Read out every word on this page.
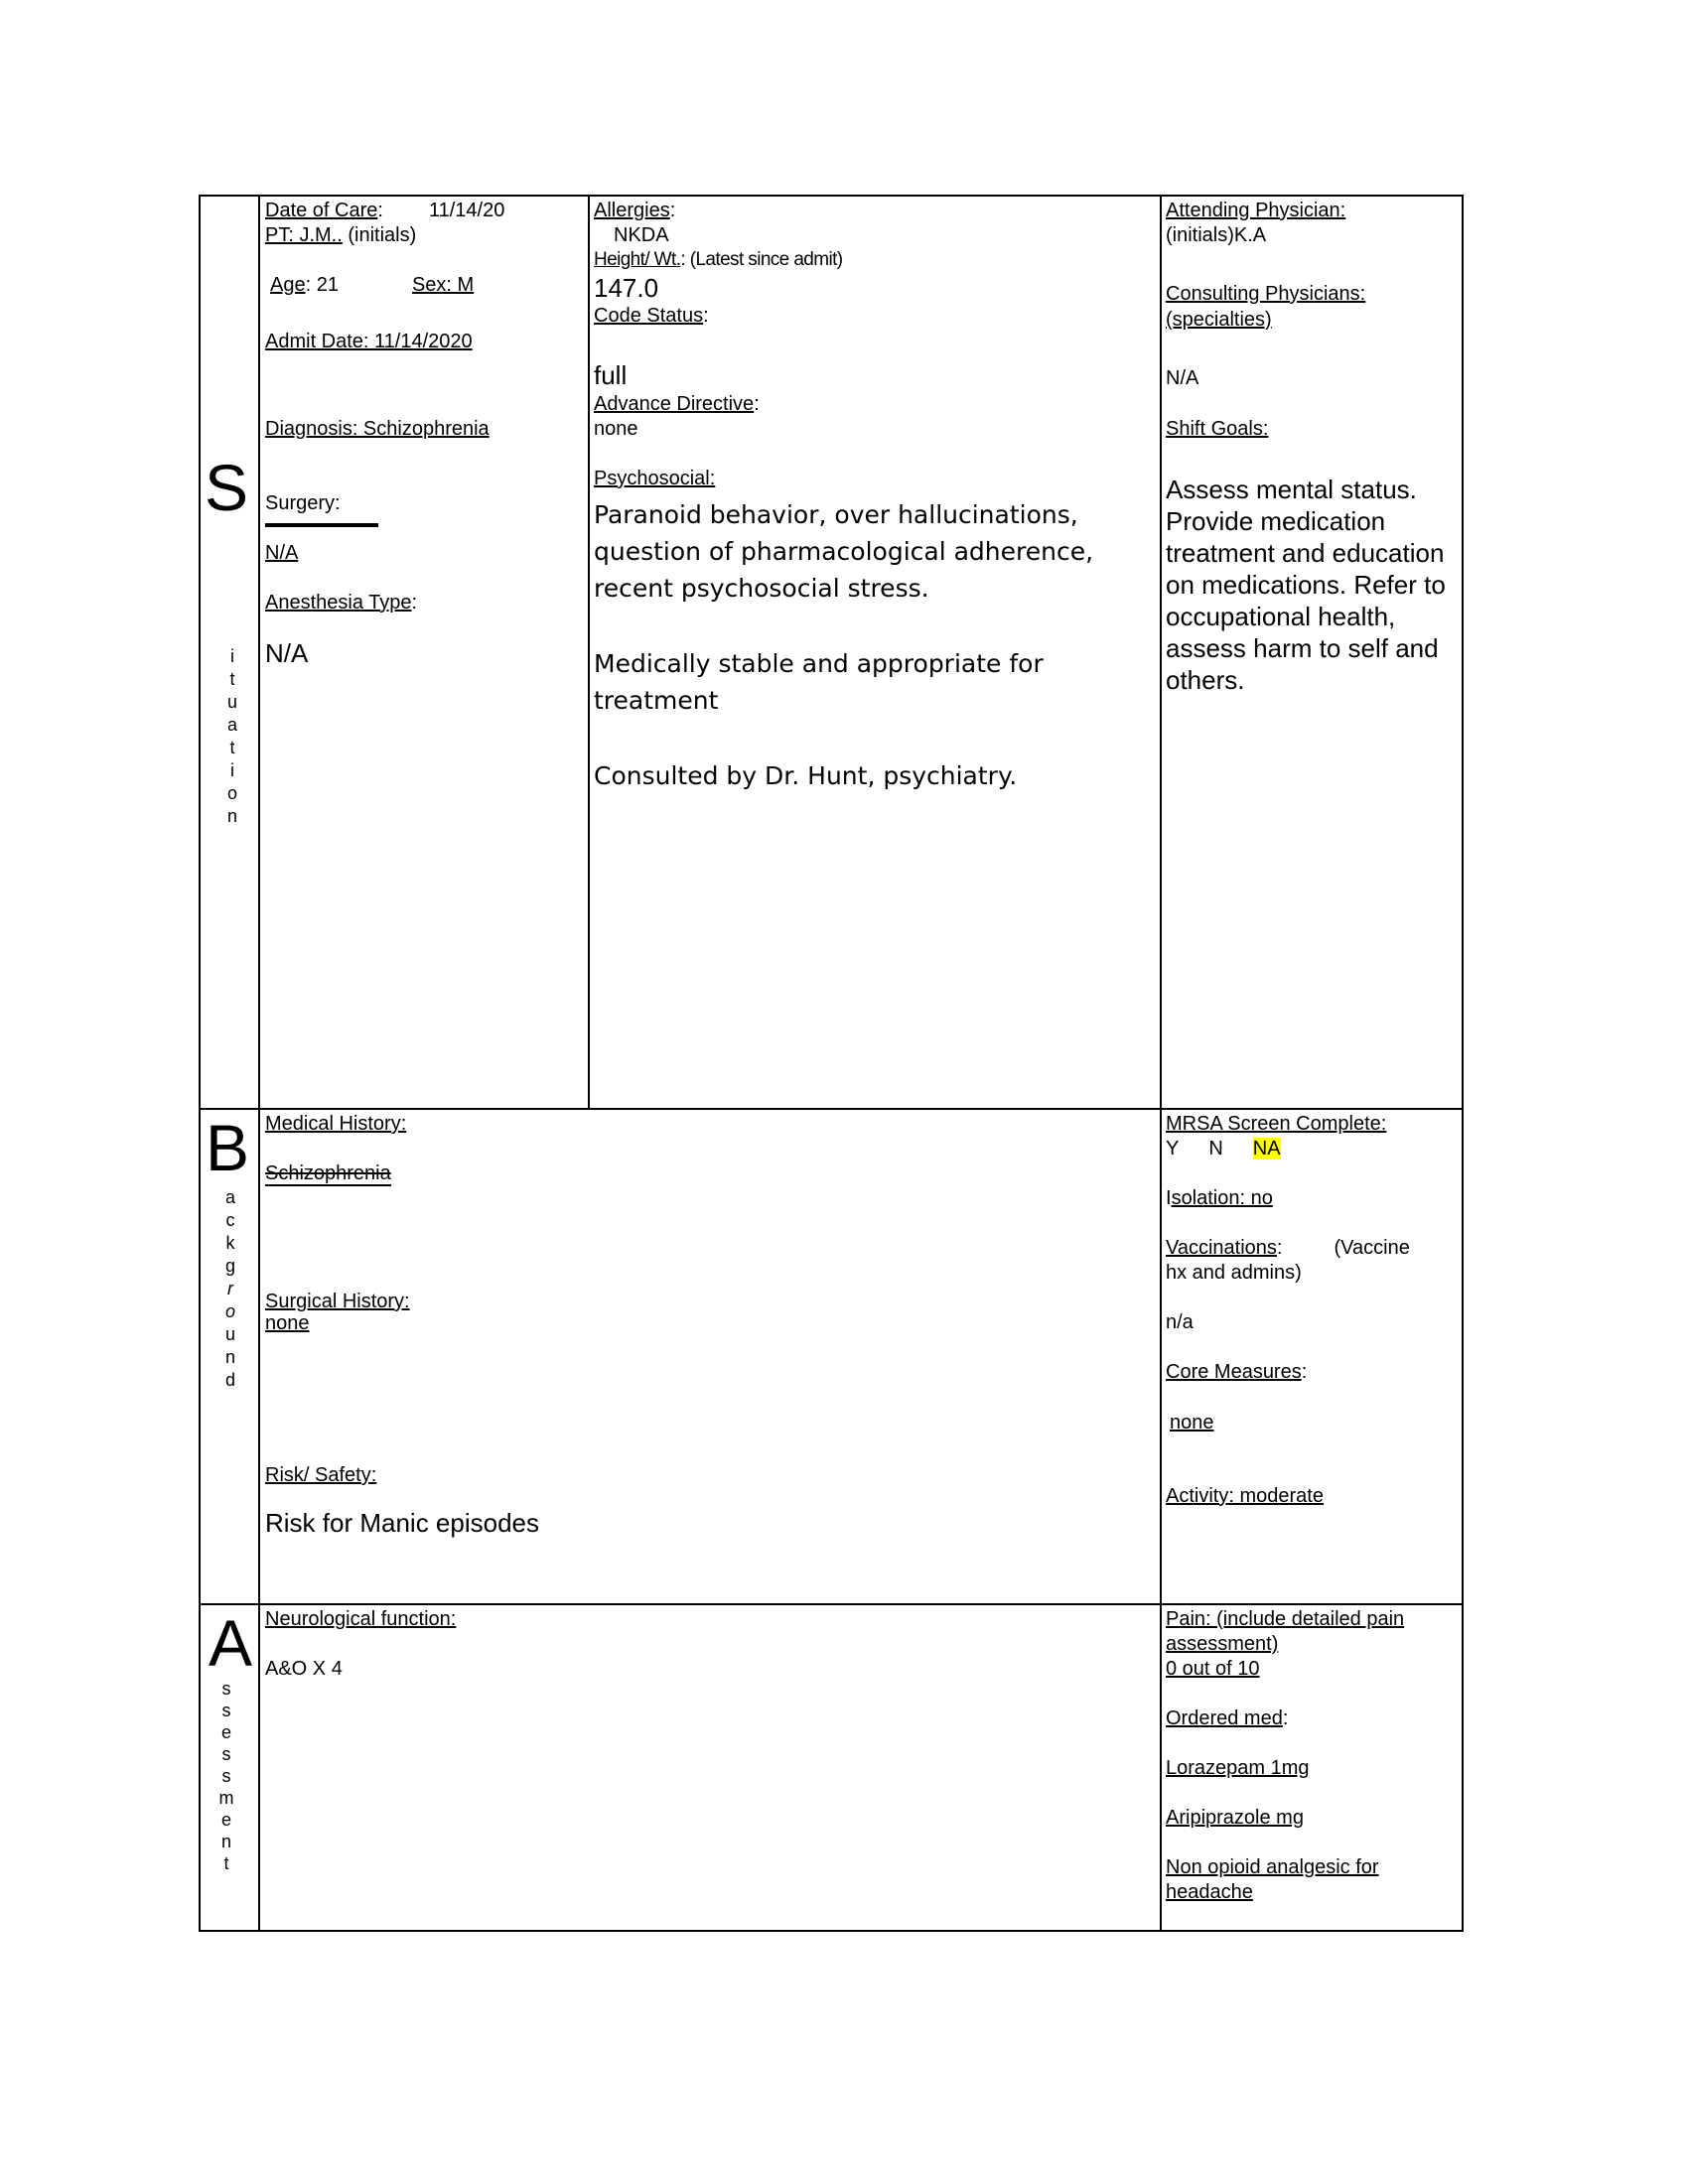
S
i
t
u
a
t
i
o
n
Date of Care: 11/14/20
PT: J.M.. (initials)
Age: 21	Sex: M
Admit Date: 11/14/2020
Diagnosis: Schizophrenia
Surgery:
N/A
Anesthesia Type:
N/A
Allergies:
NKDA
Height/ Wt.: (Latest since admit)
147.0
Code Status:
full
Advance Directive:
none
Psychosocial:
Paranoid behavior, over hallucinations, question of pharmacological adherence, recent psychosocial stress.
Medically stable and appropriate for treatment
Consulted by Dr. Hunt, psychiatry.
Attending Physician:
(initials)K.A
Consulting Physicians:
(specialties)
N/A
Shift Goals:
Assess mental status. Provide medication treatment and education on medications. Refer to occupational health, assess harm to self and others.
B
a
c
k
g
r
o
u
n
d
Medical History:
Schizophrenia
Surgical History:
none
Risk/ Safety:
Risk for Manic episodes
MRSA Screen Complete:
Y N NA
Isolation: no
Vaccinations:	(Vaccine
hx and admins)
n/a
Core Measures:
none
Activity: moderate
A
s
s
e
s
s
m
e
n
t
Neurological function:
A&O X 4
Pain: (include detailed pain
assessment)
0 out of 10
Ordered med:
Lorazepam 1mg
Aripiprazole mg
Non opioid analgesic for
headache
